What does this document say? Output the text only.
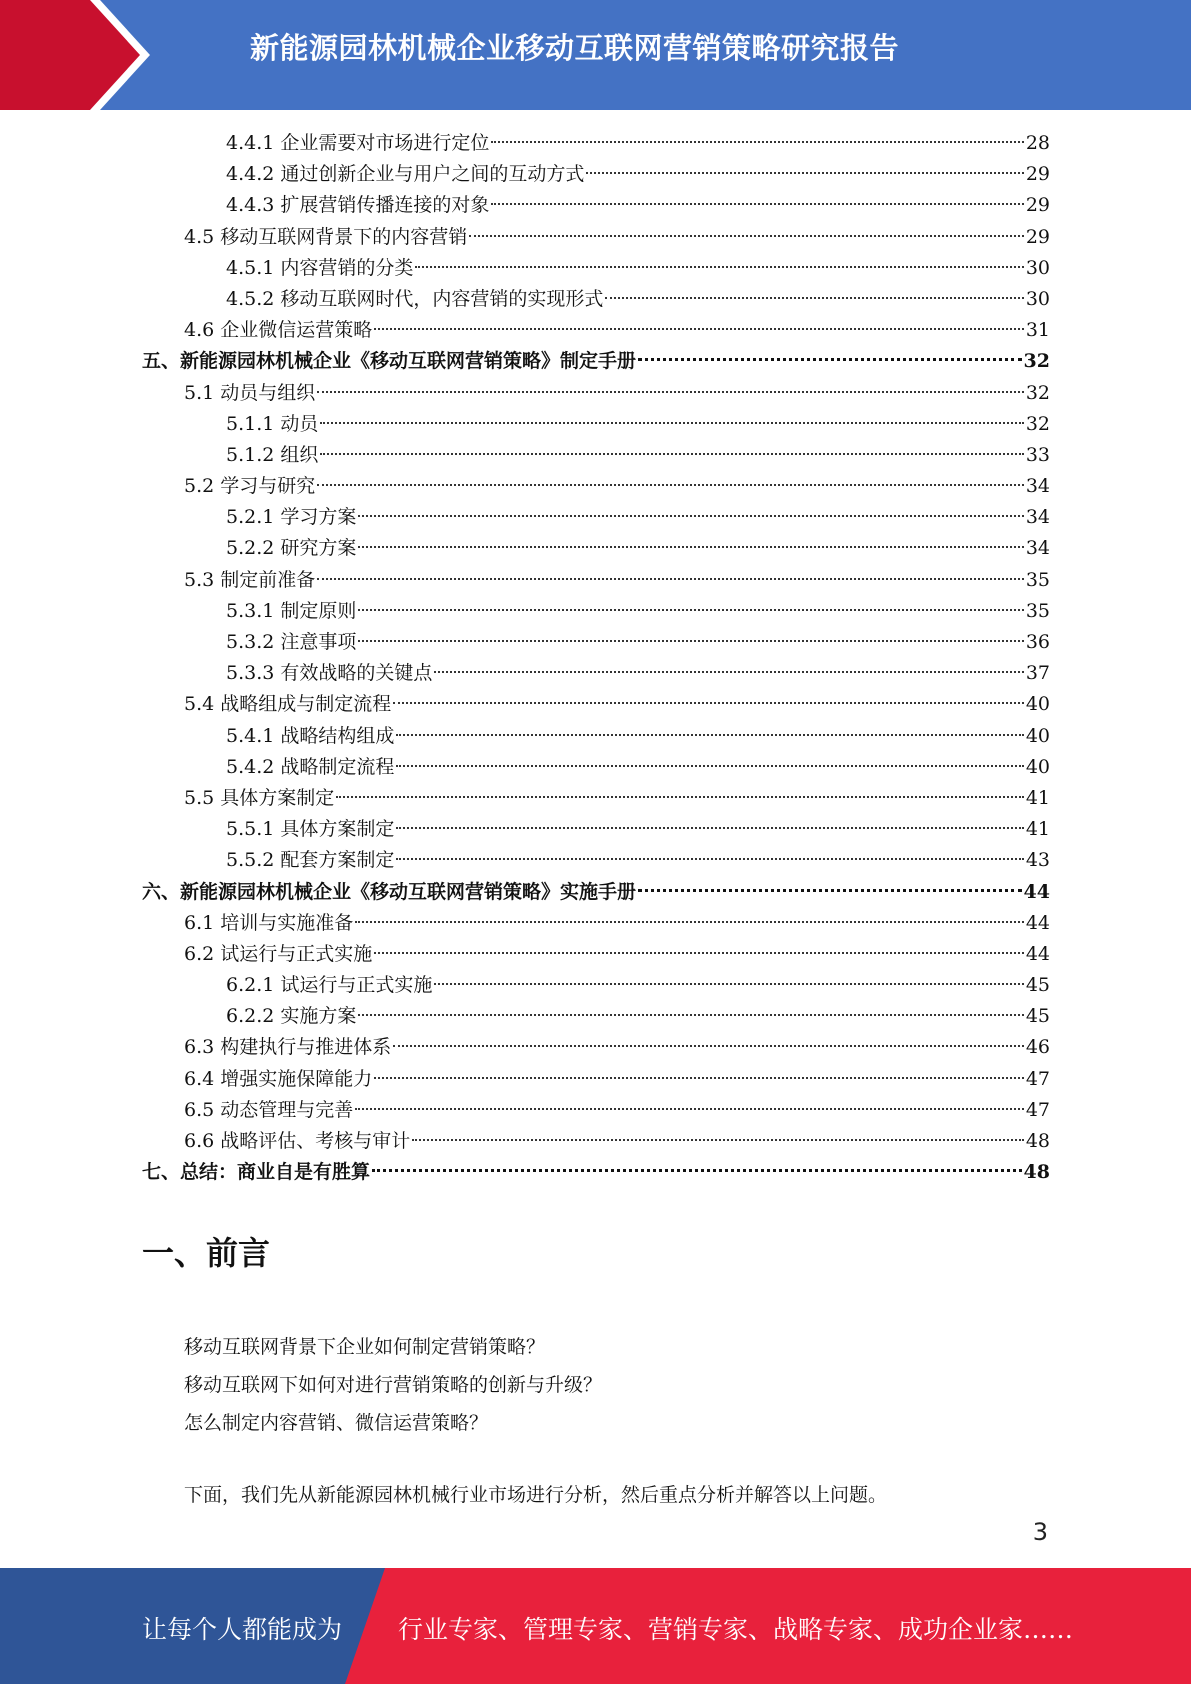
新能源园林机械企业移动互联网营销策略研究报告
4.4.1 企业需要对市场进行定位	28
4.4.2 通过创新企业与用户之间的互动方式	29
4.4.3 扩展营销传播连接的对象	29
4.5 移动互联网背景下的内容营销	29
4.5.1 内容营销的分类	30
4.5.2 移动互联网时代，内容营销的实现形式	30
4.6 企业微信运营策略	31
五、新能源园林机械企业《移动互联网营销策略》制定手册	32
5.1 动员与组织	32
5.1.1 动员	32
5.1.2 组织	33
5.2 学习与研究	34
5.2.1 学习方案	34
5.2.2 研究方案	34
5.3 制定前准备	35
5.3.1 制定原则	35
5.3.2 注意事项	36
5.3.3 有效战略的关键点	37
5.4 战略组成与制定流程	40
5.4.1 战略结构组成	40
5.4.2 战略制定流程	40
5.5 具体方案制定	41
5.5.1 具体方案制定	41
5.5.2 配套方案制定	43
六、新能源园林机械企业《移动互联网营销策略》实施手册	44
6.1 培训与实施准备	44
6.2 试运行与正式实施	44
6.2.1 试运行与正式实施	45
6.2.2 实施方案	45
6.3 构建执行与推进体系	46
6.4 增强实施保障能力	47
6.5 动态管理与完善	47
6.6 战略评估、考核与审计	48
七、总结：商业自是有胜算	48
一、前言
移动互联网背景下企业如何制定营销策略？
移动互联网下如何对进行营销策略的创新与升级？
怎么制定内容营销、微信运营策略？
下面，我们先从新能源园林机械行业市场进行分析，然后重点分析并解答以上问题。
3
让每个人都能成为 行业专家、管理专家、营销专家、战略专家、成功企业家……
